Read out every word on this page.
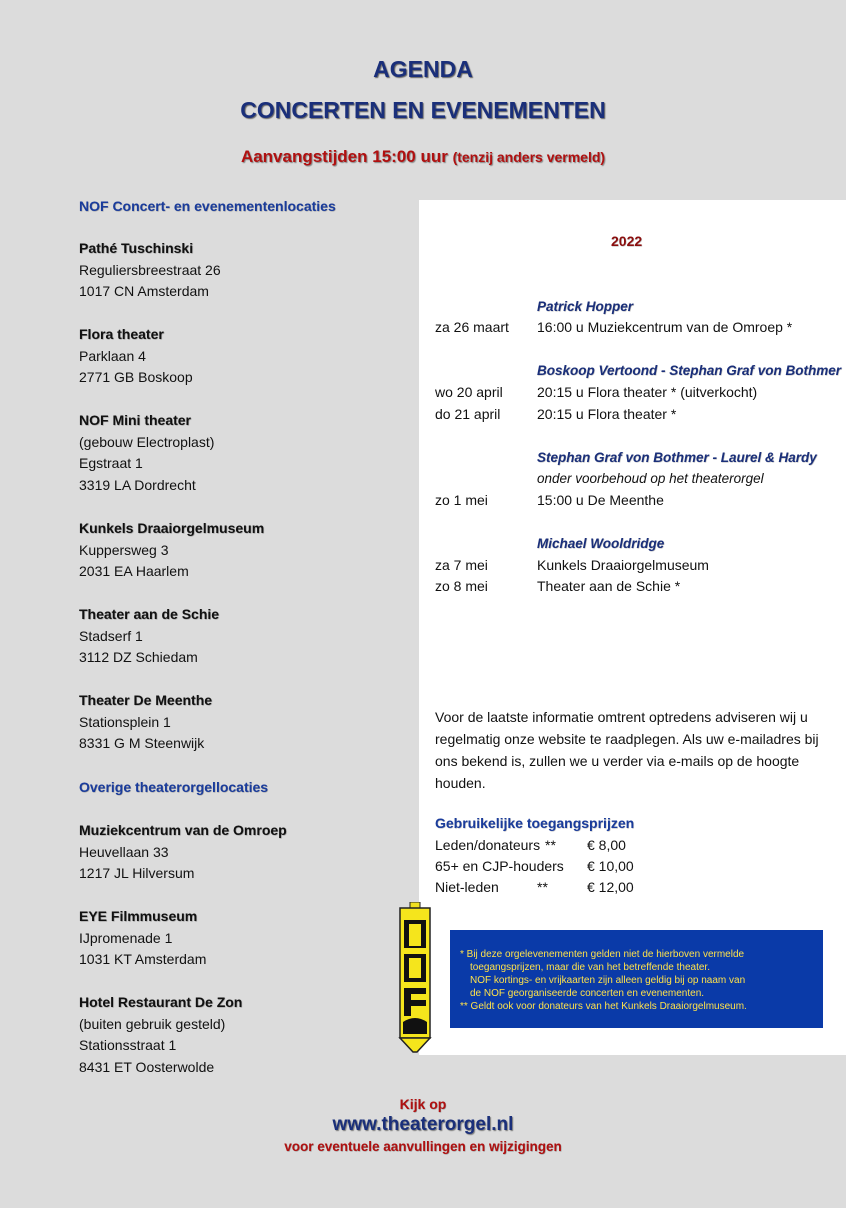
AGENDA
CONCERTEN EN EVENEMENTEN
Aanvangstijden 15:00 uur (tenzij anders vermeld)
NOF Concert- en evenementenlocaties
Pathé Tuschinski
Reguliersbreestraat 26
1017 CN Amsterdam
Flora theater
Parklaan 4
2771 GB Boskoop
NOF Mini theater
(gebouw Electroplast)
Egstraat 1
3319 LA Dordrecht
Kunkels Draaiorgelmuseum
Kuppersweg 3
2031 EA Haarlem
Theater aan de Schie
Stadserf 1
3112 DZ Schiedam
Theater De Meenthe
Stationsplein 1
8331 G M Steenwijk
Overige theaterorgellocaties
Muziekcentrum van de Omroep
Heuvellaan 33
1217 JL Hilversum
EYE Filmmuseum
IJpromenade 1
1031 KT Amsterdam
Hotel Restaurant De Zon
(buiten gebruik gesteld)
Stationsstraat 1
8431 ET Oosterwolde
2022
Patrick Hopper
za 26 maart 16:00 u Muziekcentrum van de Omroep *
Boskoop Vertoond - Stephan Graf von Bothmer
wo 20 april 20:15 u Flora theater * (uitverkocht)
do 21 april	20:15 u Flora theater *
Stephan Graf von Bothmer - Laurel & Hardy
onder voorbehoud op het theaterorgel
zo 1 mei	15:00 u De Meenthe
Michael Wooldridge
za 7 mei	Kunkels Draaiorgelmuseum
zo 8 mei	Theater aan de Schie *
Voor de laatste informatie omtrent optredens adviseren wij u regelmatig onze website te raadplegen. Als uw e-mailadres bij ons bekend is, zullen we u verder via e-mails op de hoogte houden.
Gebruikelijke toegangsprijzen
Leden/donateurs ** € 8,00
65+ en CJP-houders € 10,00
Niet-leden	**	€ 12,00
* Bij deze orgelevenementen gelden niet de hierboven vermelde
toegangsprijzen, maar die van het betreffende theater.
NOF kortings- en vrijkaarten zijn alleen geldig bij op naam van
de NOF georganiseerde concerten en evenementen.
** Geldt ook voor donateurs van het Kunkels Draaiorgelmuseum.
Kijk op
www.theaterorgel.nl
voor eventuele aanvullingen en wijzigingen
